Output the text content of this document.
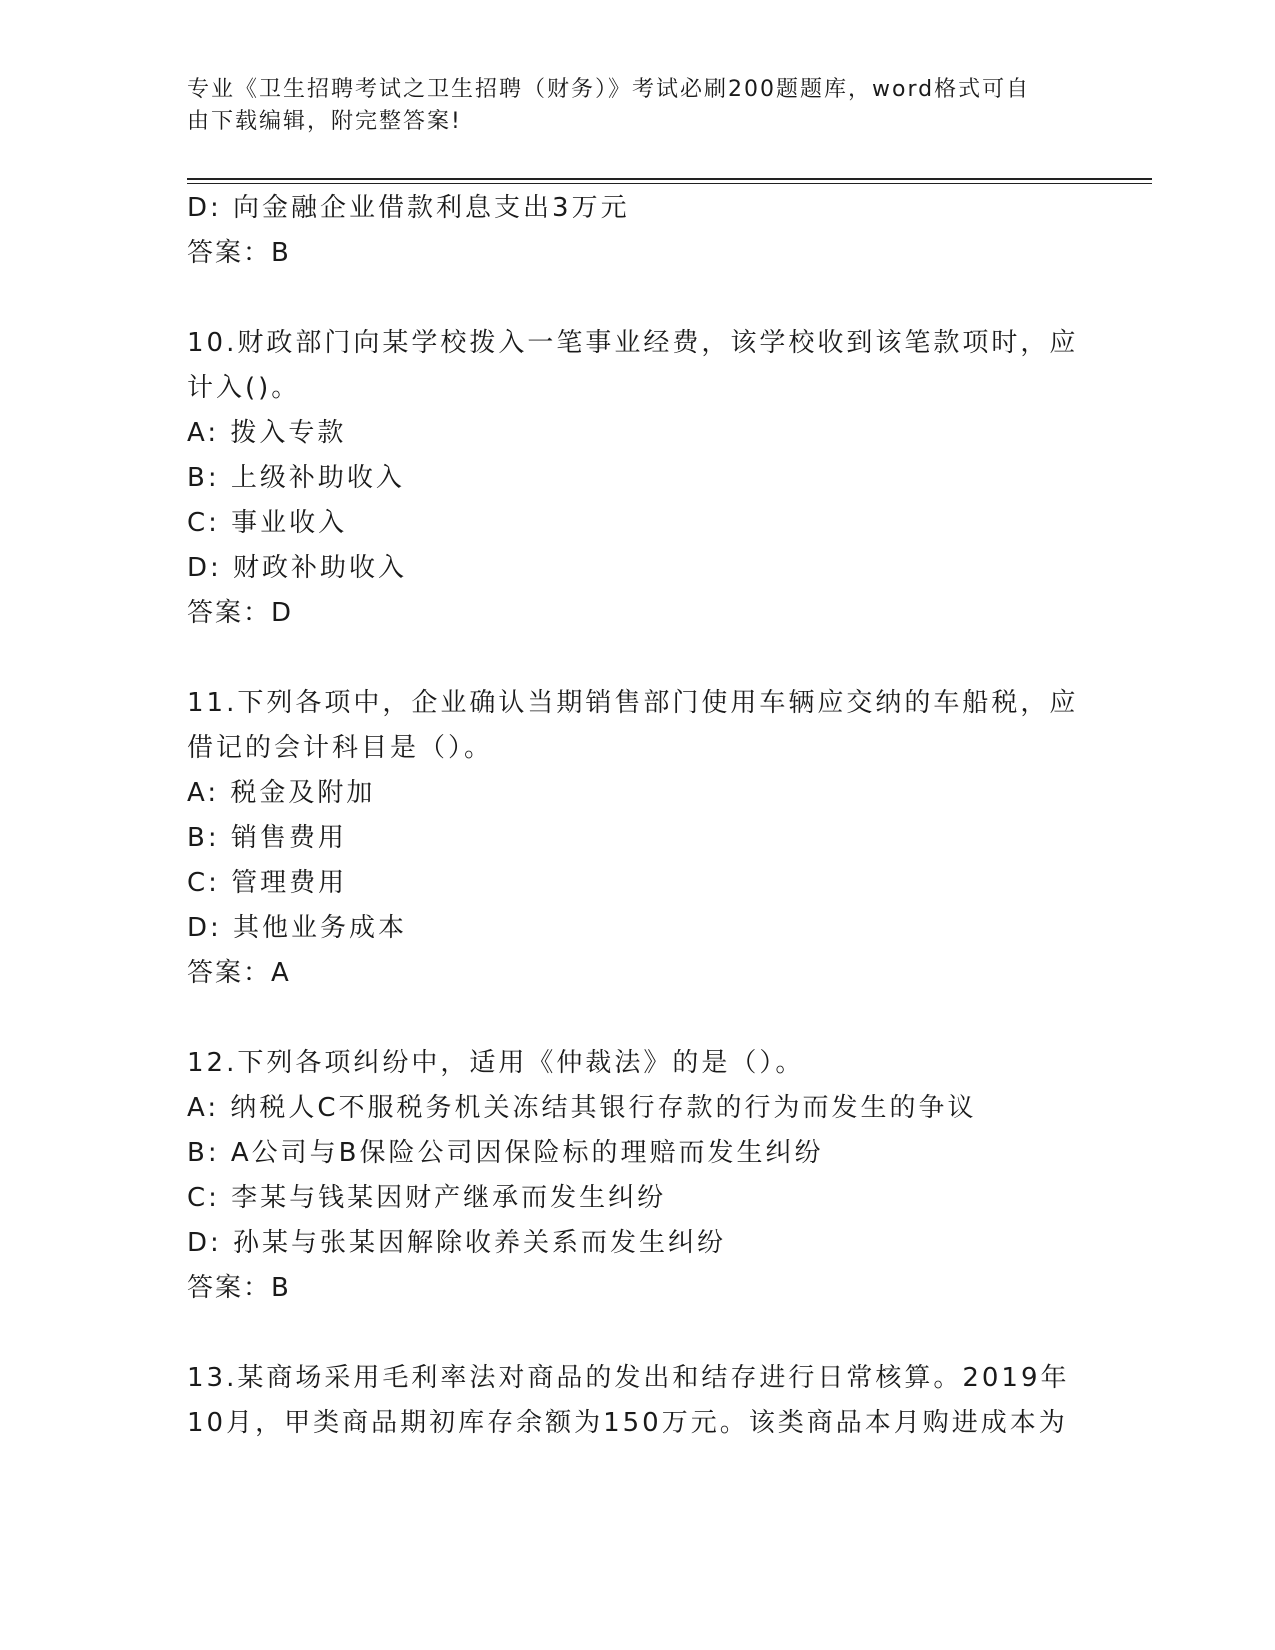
专业《卫生招聘考试之卫生招聘（财务）》考试必刷200题题库，word格式可自
由下载编辑，附完整答案!
D: 向金融企业借款利息支出3万元
答案：B
10.财政部门向某学校拨入一笔事业经费，该学校收到该笔款项时，应
计入()。
A: 拨入专款
B: 上级补助收入
C: 事业收入
D: 财政补助收入
答案：D
11.下列各项中，企业确认当期销售部门使用车辆应交纳的车船税，应
借记的会计科目是（）。
A: 税金及附加
B: 销售费用
C: 管理费用
D: 其他业务成本
答案：A
12.下列各项纠纷中，适用《仲裁法》的是（）。
A: 纳税人C不服税务机关冻结其银行存款的行为而发生的争议
B: A公司与B保险公司因保险标的理赔而发生纠纷
C: 李某与钱某因财产继承而发生纠纷
D: 孙某与张某因解除收养关系而发生纠纷
答案：B
13.某商场采用毛利率法对商品的发出和结存进行日常核算。2019年
10月，甲类商品期初库存余额为150万元。该类商品本月购进成本为
